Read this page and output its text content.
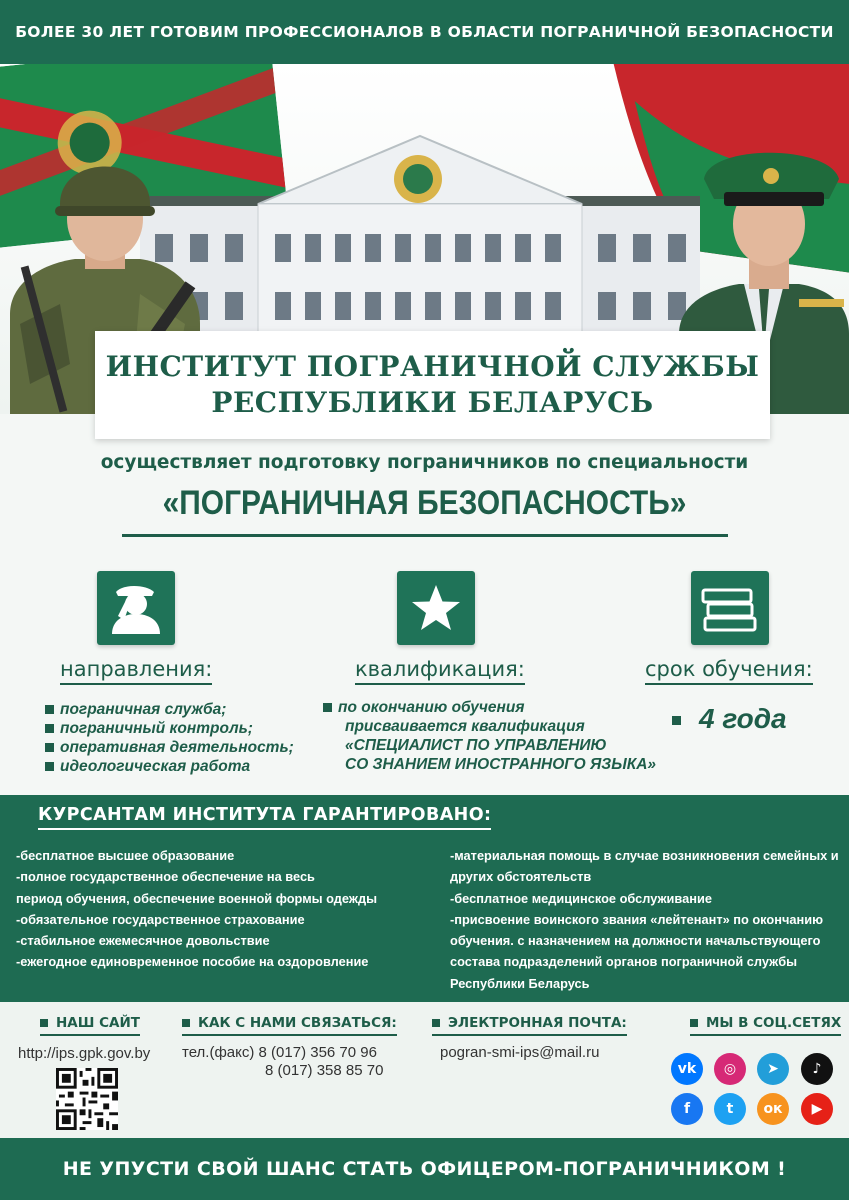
БОЛЕЕ 30 ЛЕТ ГОТОВИМ ПРОФЕССИОНАЛОВ В ОБЛАСТИ ПОГРАНИЧНОЙ БЕЗОПАСНОСТИ
ИНСТИТУТ ПОГРАНИЧНОЙ СЛУЖБЫ
РЕСПУБЛИКИ БЕЛАРУСЬ
осуществляет подготовку пограничников по специальности
«ПОГРАНИЧНАЯ БЕЗОПАСНОСТЬ»
направления:	квалификация:	срок обучения:
пограничная служба;
пограничный контроль;
оперативная деятельность;
идеологическая работа
по окончанию обучения
присваивается квалификация
«СПЕЦИАЛИСТ ПО УПРАВЛЕНИЮ
СО ЗНАНИЕМ ИНОСТРАННОГО ЯЗЫКА»
4 года
КУРСАНТАМ ИНСТИТУТА ГАРАНТИРОВАНО:
-бесплатное высшее образование
-полное государственное обеспечение на весь
период обучения, обеспечение военной формы одежды
-обязательное государственное страхование
-стабильное ежемесячное довольствие
-ежегодное единовременное пособие на оздоровление
-материальная помощь в случае возникновения семейных и
других обстоятельств
-бесплатное медицинское обслуживание
-присвоение воинского звания «лейтенант» по окончанию
обучения. с назначением на должности начальствующего
состава подразделений органов пограничной службы
Республики Беларусь
НАШ САЙТ
http://ips.gpk.gov.by
КАК С НАМИ СВЯЗАТЬСЯ:
тел.(факс) 8 (017) 356 70 96
8 (017) 358 85 70
ЭЛЕКТРОННАЯ ПОЧТА:
pogran-smi-ips@mail.ru
МЫ В СОЦ.СЕТЯХ
vk	◎	➤	♪
f	t	ок	▶
НЕ УПУСТИ СВОЙ ШАНС СТАТЬ ОФИЦЕРОМ-ПОГРАНИЧНИКОМ !
